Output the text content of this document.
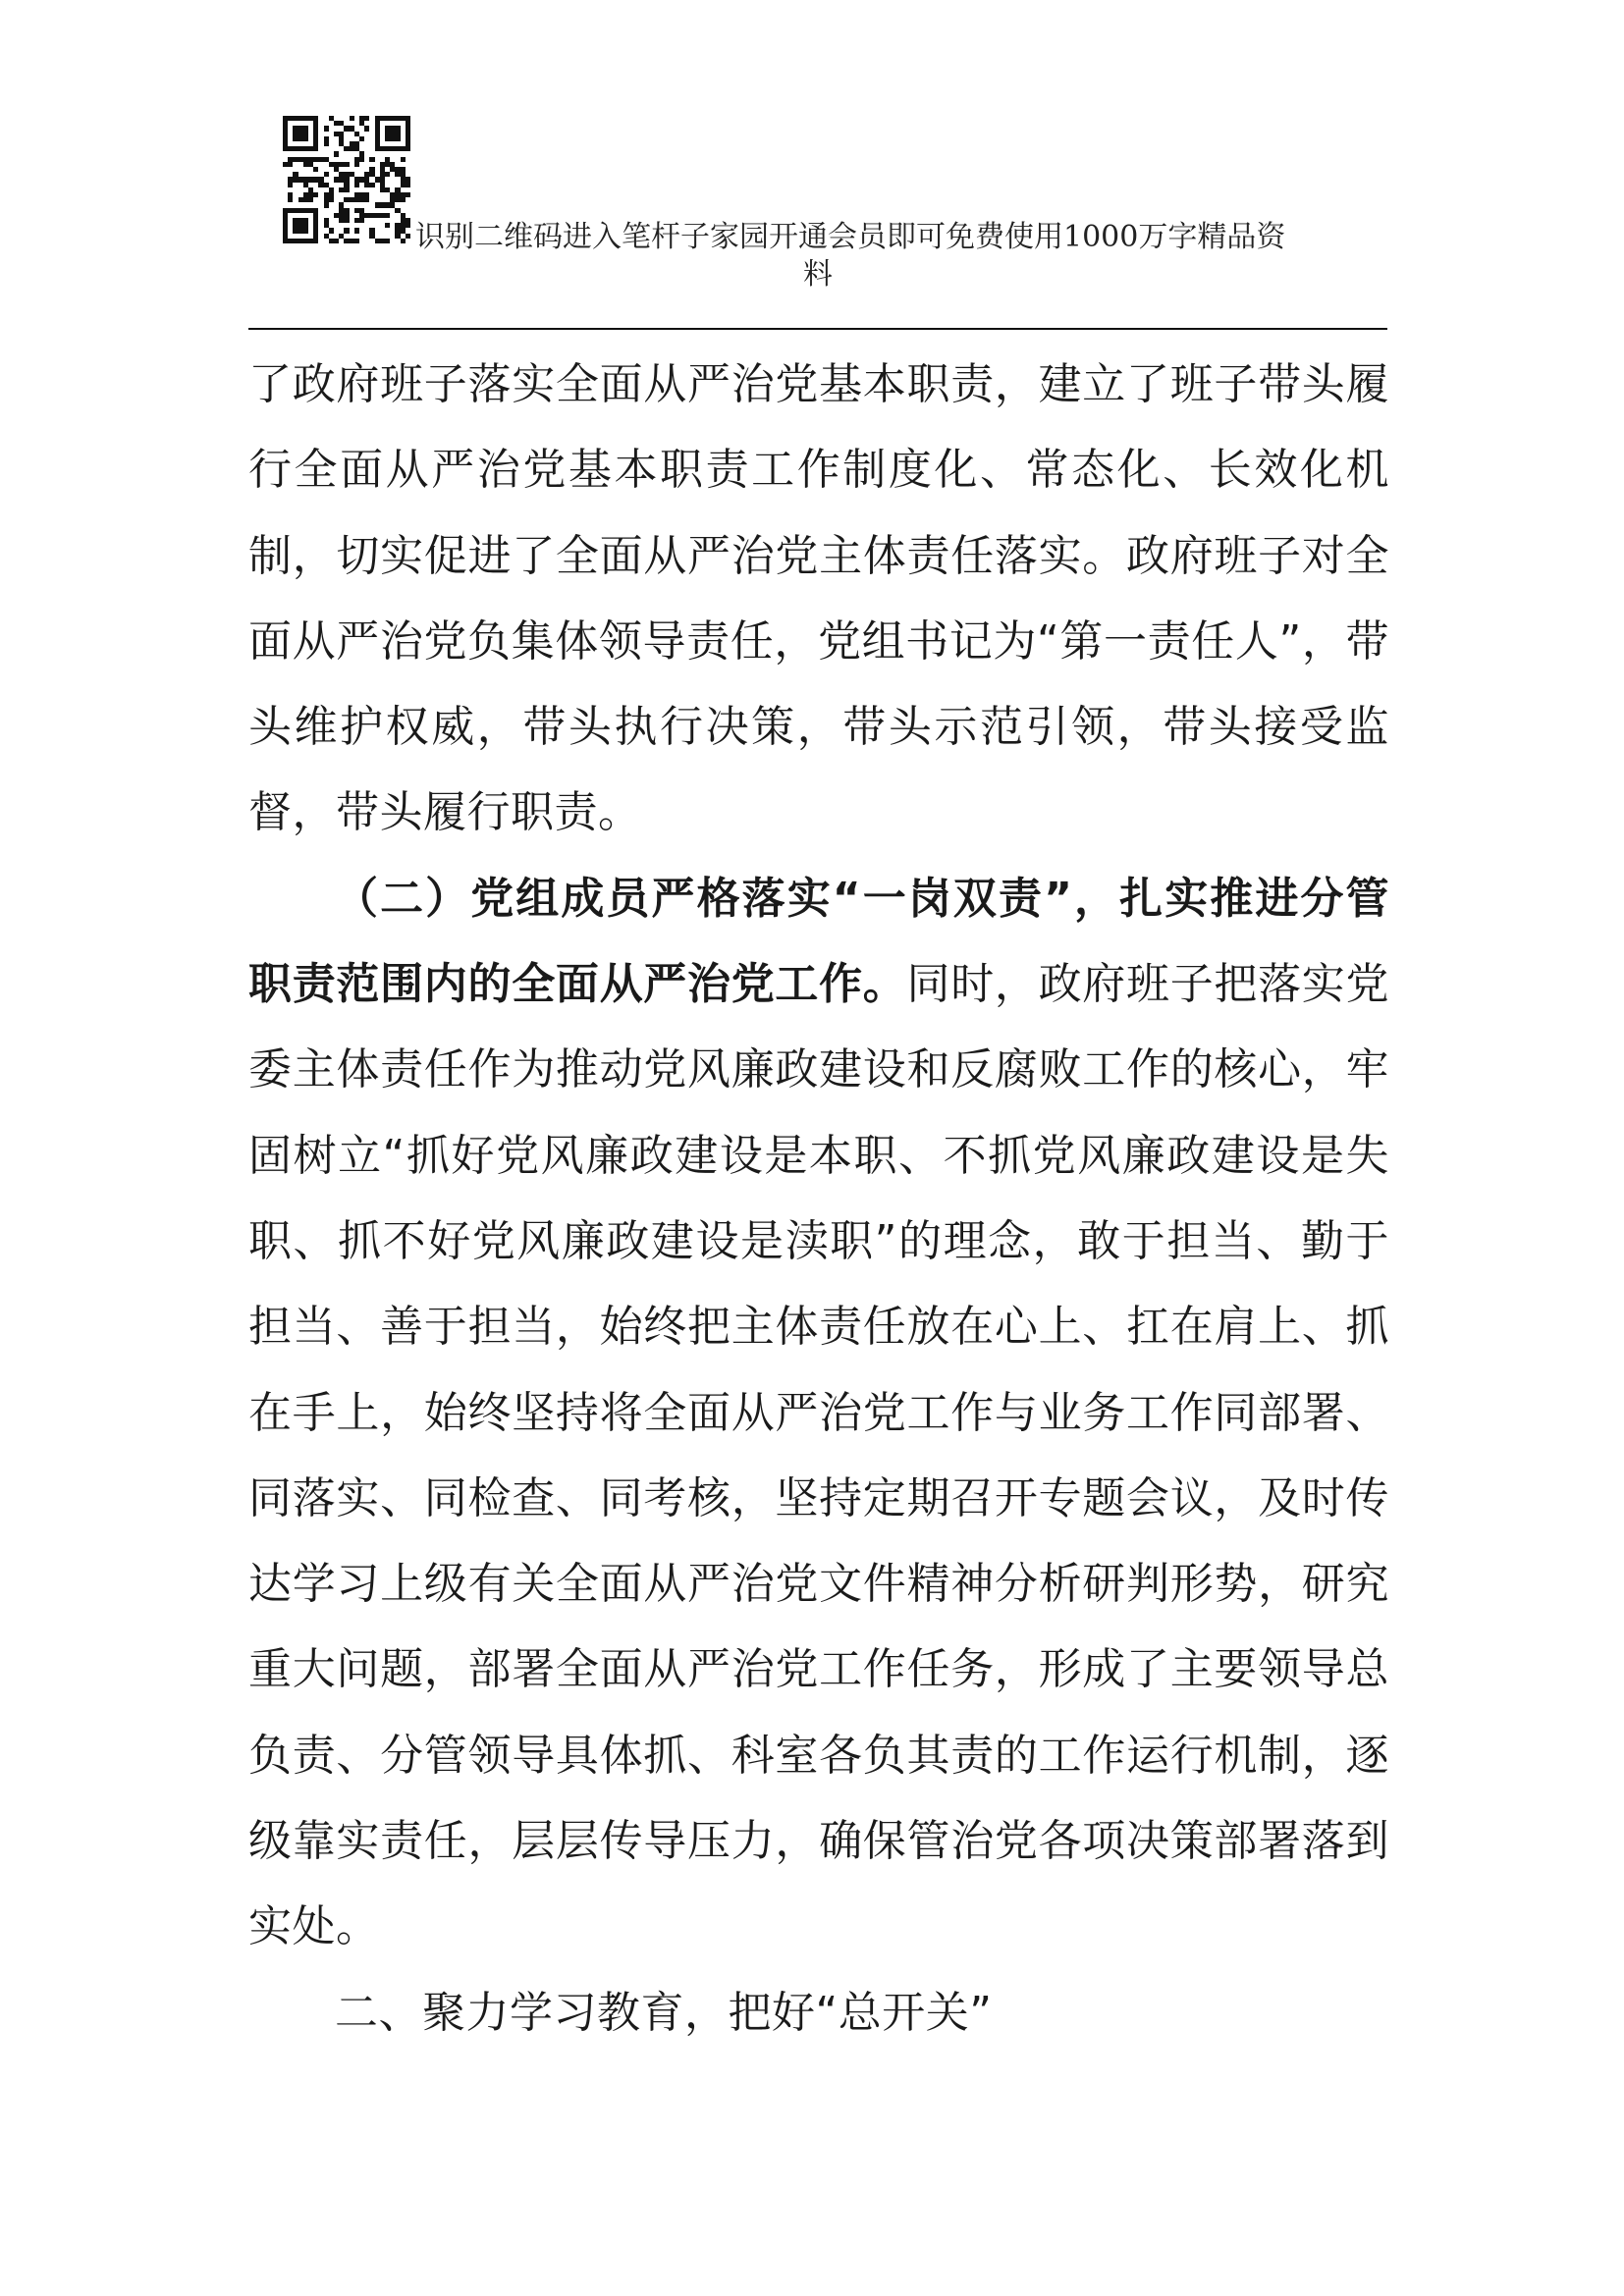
识别二维码进入笔杆子家园开通会员即可免费使用1000万字精品资
料

了政府班子落实全面从严治党基本职责，建立了班子带头履行全面从严治党基本职责工作制度化、常态化、长效化机制，切实促进了全面从严治党主体责任落实。政府班子对全面从严治党负集体领导责任，党组书记为“第一责任人”，带头维护权威，带头执行决策，带头示范引领，带头接受监督，带头履行职责。

（二）党组成员严格落实“一岗双责”，扎实推进分管职责范围内的全面从严治党工作。同时，政府班子把落实党委主体责任作为推动党风廉政建设和反腐败工作的核心，牢固树立“抓好党风廉政建设是本职、不抓党风廉政建设是失职、抓不好党风廉政建设是渎职”的理念，敢于担当、勤于担当、善于担当，始终把主体责任放在心上、扛在肩上、抓在手上，始终坚持将全面从严治党工作与业务工作同部署、同落实、同检查、同考核，坚持定期召开专题会议，及时传达学习上级有关全面从严治党文件精神分析研判形势，研究重大问题，部署全面从严治党工作任务，形成了主要领导总负责、分管领导具体抓、科室各负其责的工作运行机制，逐级靠实责任，层层传导压力，确保管治党各项决策部署落到实处。

二、聚力学习教育，把好“总开关”
